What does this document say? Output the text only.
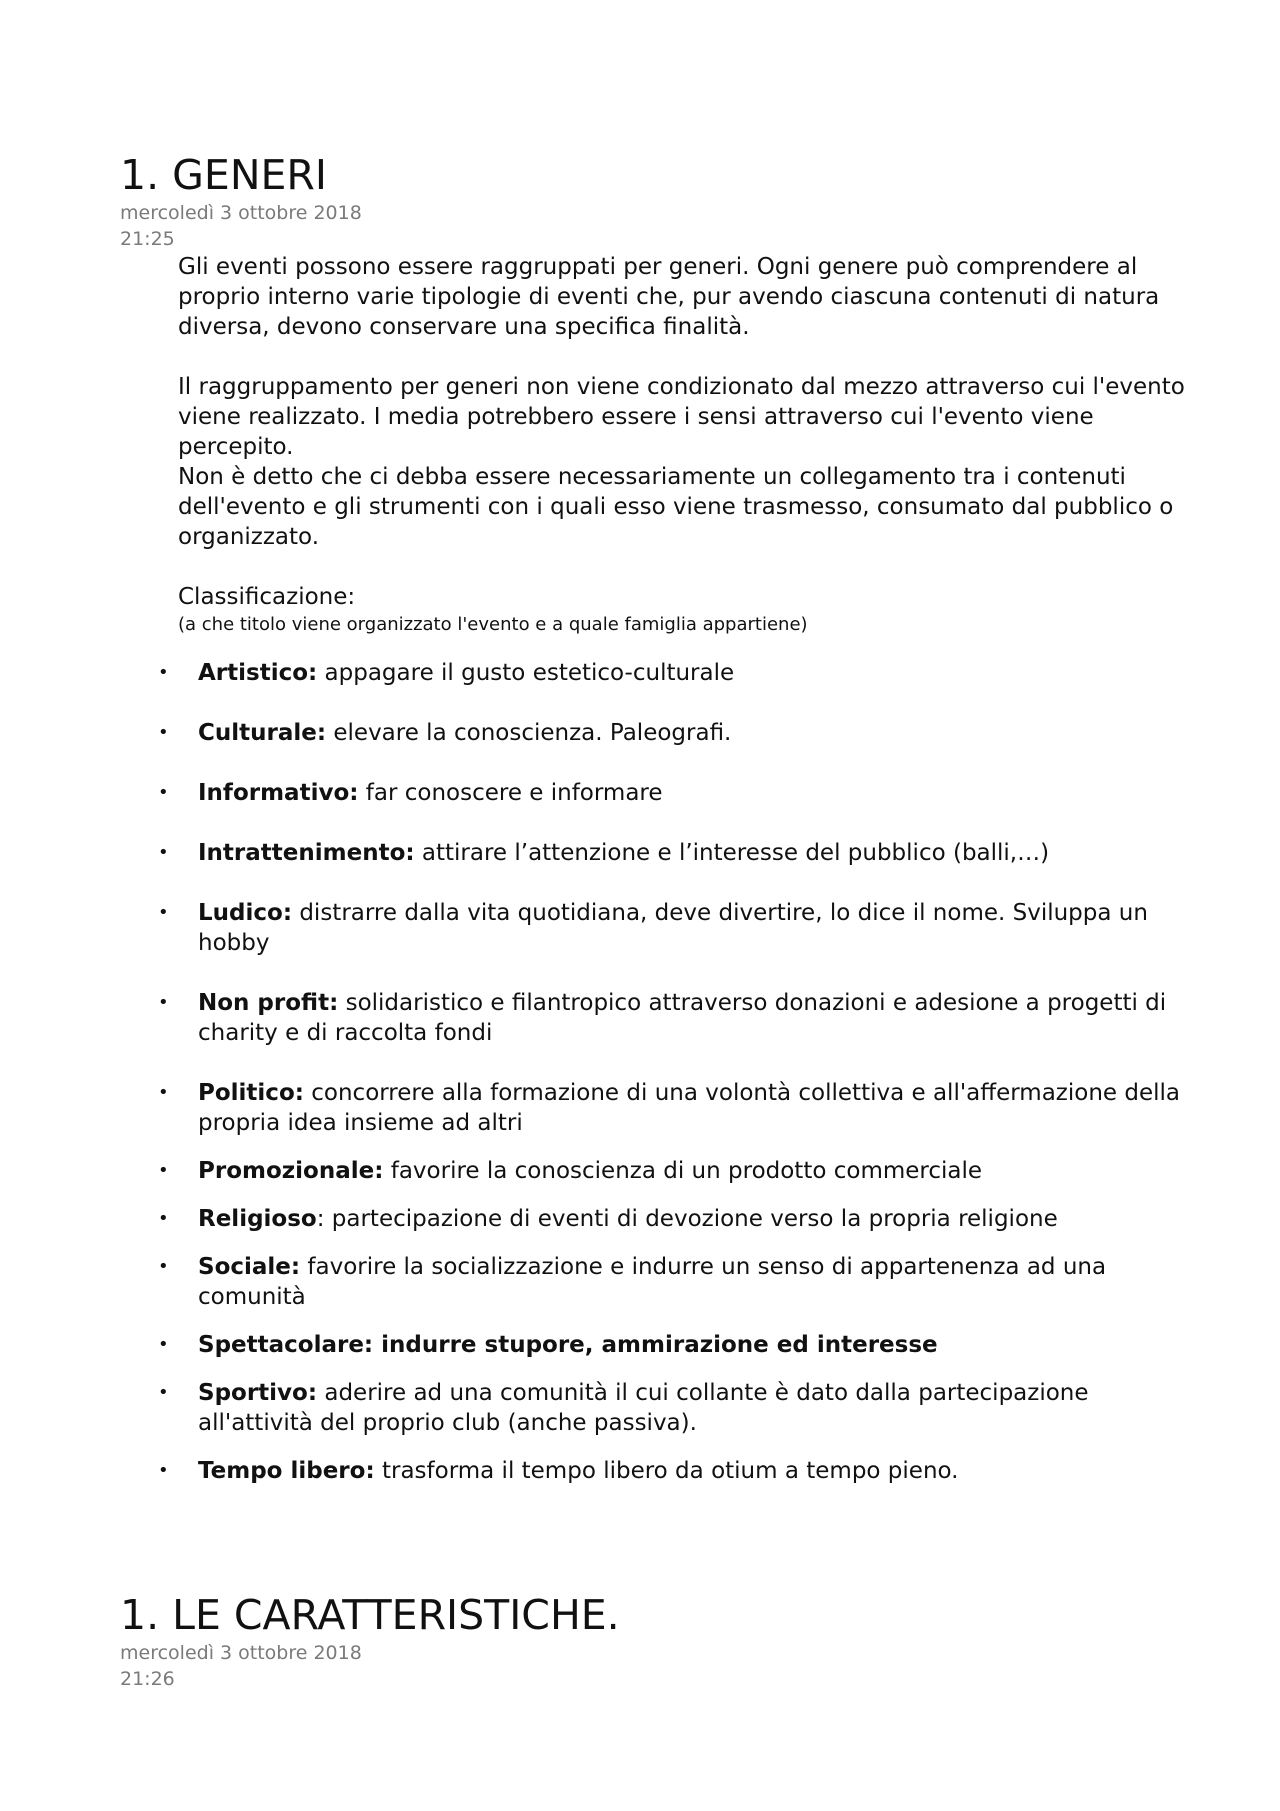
1. GENERI
mercoledì 3 ottobre 2018
21:25

Gli eventi possono essere raggruppati per generi. Ogni genere può comprendere al proprio interno varie tipologie di eventi che, pur avendo ciascuna contenuti di natura diversa, devono conservare una specifica finalità.

Il raggruppamento per generi non viene condizionato dal mezzo attraverso cui l'evento viene realizzato. I media potrebbero essere i sensi attraverso cui l'evento viene percepito.

Non è detto che ci debba essere necessariamente un collegamento tra i contenuti dell'evento e gli strumenti con i quali esso viene trasmesso, consumato dal pubblico o organizzato.

Classificazione:

(a che titolo viene organizzato l'evento e a quale famiglia appartiene)

• Artistico: appagare il gusto estetico-culturale
• Culturale: elevare la conoscienza. Paleografi.
• Informativo: far conoscere e informare
• Intrattenimento: attirare l’attenzione e l’interesse del pubblico (balli,…)
• Ludico: distrarre dalla vita quotidiana, deve divertire, lo dice il nome. Sviluppa un hobby
• Non profit: solidaristico e filantropico attraverso donazioni e adesione a progetti di charity e di raccolta fondi
• Politico: concorrere alla formazione di una volontà collettiva e all'affermazione della propria idea insieme ad altri
• Promozionale: favorire la conoscienza di un prodotto commerciale
• Religioso: partecipazione di eventi di devozione verso la propria religione
• Sociale: favorire la socializzazione e indurre un senso di appartenenza ad una comunità
• Spettacolare: indurre stupore, ammirazione ed interesse
• Sportivo: aderire ad una comunità il cui collante è dato dalla partecipazione all'attività del proprio club (anche passiva).
• Tempo libero: trasforma il tempo libero da otium a tempo pieno.
1. LE CARATTERISTICHE.
mercoledì 3 ottobre 2018
21:26
